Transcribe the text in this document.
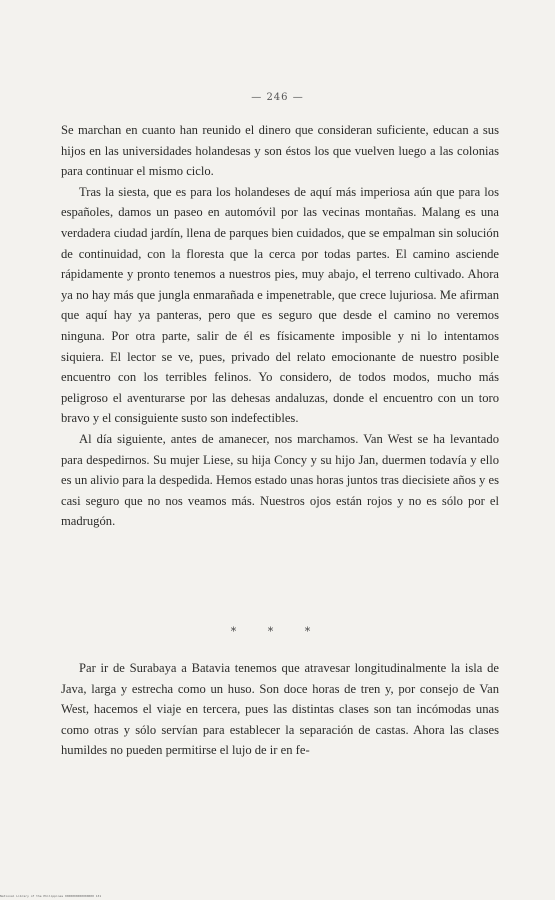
— 246 —

Se marchan en cuanto han reunido el dinero que consideran suficiente, educan a sus hijos en las universidades holandesas y son éstos los que vuelven luego a las colonias para continuar el mismo ciclo.

Tras la siesta, que es para los holandeses de aquí más imperiosa aún que para los españoles, damos un paseo en automóvil por las vecinas montañas. Malang es una verdadera ciudad jardín, llena de parques bien cuidados, que se empalman sin solución de continuidad, con la floresta que la cerca por todas partes. El camino asciende rápidamente y pronto tenemos a nuestros pies, muy abajo, el terreno cultivado. Ahora ya no hay más que jungla enmarañada e impenetrable, que crece lujuriosa. Me afirman que aquí hay ya panteras, pero que es seguro que desde el camino no veremos ninguna. Por otra parte, salir de él es físicamente imposible y ni lo intentamos siquiera. El lector se ve, pues, privado del relato emocionante de nuestro posible encuentro con los terribles felinos. Yo considero, de todos modos, mucho más peligroso el aventurarse por las dehesas andaluzas, donde el encuentro con un toro bravo y el consiguiente susto son indefectibles.

Al día siguiente, antes de amanecer, nos marchamos. Van West se ha levantado para despedirnos. Su mujer Liese, su hija Concy y su hijo Jan, duermen todavía y ello es un alivio para la despedida. Hemos estado unas horas juntos tras diecisiete años y es casi seguro que no nos veamos más. Nuestros ojos están rojos y no es sólo por el madrugón.

* * *

Par ir de Surabaya a Batavia tenemos que atravesar longitudinalmente la isla de Java, larga y estrecha como un huso. Son doce horas de tren y, por consejo de Van West, hacemos el viaje en tercera, pues las distintas clases son tan incómodas unas como otras y sólo servían para establecer la separación de castas. Ahora las clases humildes no pueden permitirse el lujo de ir en fe-

National Library of the Philippines 0000000000000000 131
